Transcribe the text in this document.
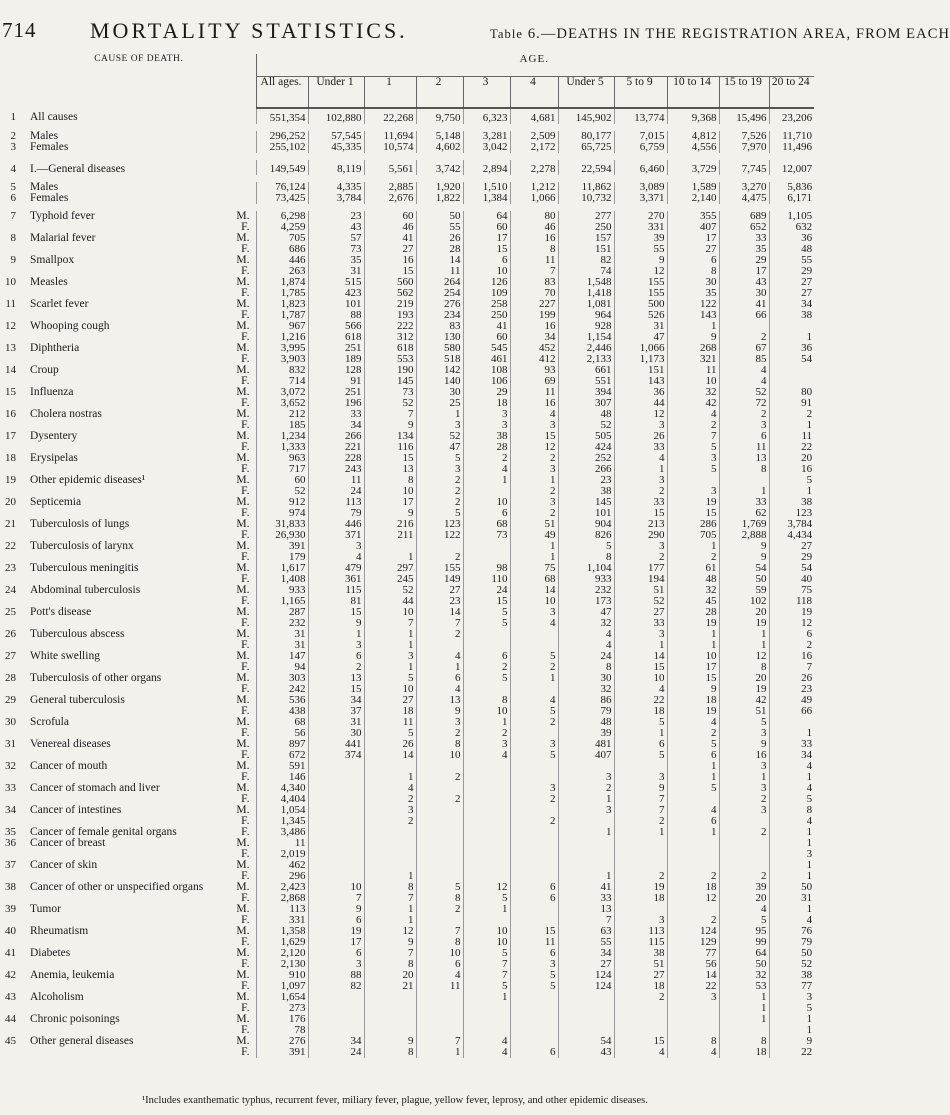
714 MORTALITY STATISTICS.	Table 6.—DEATHS IN THE REGISTRATION AREA, FROM EACH
	CAUSE OF DEATH.	AGE.										
		All ages.	Under 1	1	2	3	4	Under 5	5 to 9	10 to 14	15 to 19	20 to 24
1	All causes	551,354	102,880	22,268	9,750	6,323	4,681	145,902	13,774	9,368	15,496	23,206

2	Males	296,252	57,545	11,694	5,148	3,281	2,509	80,177	7,015	4,812	7,526	11,710
3	Females	255,102	45,335	10,574	4,602	3,042	2,172	65,725	6,759	4,556	7,970	11,496

4	I.—General diseases	149,549	8,119	5,561	3,742	2,894	2,278	22,594	6,460	3,729	7,745	12,007

5	Males	76,124	4,335	2,885	1,920	1,510	1,212	11,862	3,089	1,589	3,270	5,836
6	Females	73,425	3,784	2,676	1,822	1,384	1,066	10,732	3,371	2,140	4,475	6,171

7	Typhoid fever M.	6,298	23	60	50	64	80	277	270	355	689	1,105

	F.	4,259	43	46	55	60	46	250	331	407	652	632
8	Malarial fever M.	705	57	41	26	17	16	157	39	17	33	36

	F.	686	73	27	28	15	8	151	55	27	35	48
9	Smallpox M.	446	35	16	14	6	11	82	9	6	29	55

	F.	263	31	15	11	10	7	74	12	8	17	29
10	Measles M.	1,874	515	560	264	126	83	1,548	155	30	43	27

	F.	1,785	423	562	254	109	70	1,418	155	35	30	27
11	Scarlet fever M.	1,823	101	219	276	258	227	1,081	500	122	41	34

	F.	1,787	88	193	234	250	199	964	526	143	66	38
12	Whooping cough M.	967	566	222	83	41	16	928	31	1		

	F.	1,216	618	312	130	60	34	1,154	47	9	2	1
13	Diphtheria M.	3,995	251	618	580	545	452	2,446	1,066	268	67	36

	F.	3,903	189	553	518	461	412	2,133	1,173	321	85	54
14	Croup M.	832	128	190	142	108	93	661	151	11	4	

	F.	714	91	145	140	106	69	551	143	10	4	
15	Influenza M.	3,072	251	73	30	29	11	394	36	32	52	80

	F.	3,652	196	52	25	18	16	307	44	42	72	91
16	Cholera nostras M.	212	33	7	1	3	4	48	12	4	2	2

	F.	185	34	9	3	3	3	52	3	2	3	1
17	Dysentery M.	1,234	266	134	52	38	15	505	26	7	6	11

	F.	1,333	221	116	47	28	12	424	33	5	11	22
18	Erysipelas M.	963	228	15	5	2	2	252	4	3	13	20

	F.	717	243	13	3	4	3	266	1	5	8	16
19	Other epidemic diseases¹ M.	60	11	8	2	1	1	23	3			5

	F.	52	24	10	2		2	38	2	3	1	1
20	Septicemia M.	912	113	17	2	10	3	145	33	19	33	38

	F.	974	79	9	5	6	2	101	15	15	62	123
21	Tuberculosis of lungs M.	31,833	446	216	123	68	51	904	213	286	1,769	3,784

	F.	26,930	371	211	122	73	49	826	290	705	2,888	4,434
22	Tuberculosis of larynx M.	391	3				1	5	3	1	9	27

	F.	179	4	1	2		1	8	2	2	9	29
23	Tuberculous meningitis M.	1,617	479	297	155	98	75	1,104	177	61	54	54

	F.	1,408	361	245	149	110	68	933	194	48	50	40
24	Abdominal tuberculosis M.	933	115	52	27	24	14	232	51	32	59	75

	F.	1,165	81	44	23	15	10	173	52	45	102	118
25	Pott's disease M.	287	15	10	14	5	3	47	27	28	20	19

	F.	232	9	7	7	5	4	32	33	19	19	12
26	Tuberculous abscess M.	31	1	1	2			4	3	1	1	6

	F.	31	3	1				4	1	1	1	2
27	White swelling M.	147	6	3	4	6	5	24	14	10	12	16

	F.	94	2	1	1	2	2	8	15	17	8	7
28	Tuberculosis of other organs M.	303	13	5	6	5	1	30	10	15	20	26

	F.	242	15	10	4			32	4	9	19	23
29	General tuberculosis M.	536	34	27	13	8	4	86	22	18	42	49

	F.	438	37	18	9	10	5	79	18	19	51	66
30	Scrofula M.	68	31	11	3	1	2	48	5	4	5	

	F.	56	30	5	2	2		39	1	2	3	1
31	Venereal diseases M.	897	441	26	8	3	3	481	6	5	9	33

	F.	672	374	14	10	4	5	407	5	6	16	34
32	Cancer of mouth M.	591								1	3	4

	F.	146		1	2			3	3	1	1	1
33	Cancer of stomach and liver M.	4,340		4			3	2	9	5	3	4

	F.	4,404		2	2		2	1	7		2	5
34	Cancer of intestines M.	1,054		3				3	7	4	3	8

	F.	1,345		2			2		2	6		4
35	Cancer of female genital organs F.	3,486						1	1	1	2	1
36	Cancer of breast M.	11										1

	F.	2,019										3
37	Cancer of skin M.	462										1

	F.	296		1				1	2	2	2	1
38	Cancer of other or unspecified organs M.	2,423	10	8	5	12	6	41	19	18	39	50

	F.	2,868	7	7	8	5	6	33	18	12	20	31
39	Tumor M.	113	9	1	2	1		13			4	1

	F.	331	6	1				7	3	2	5	4
40	Rheumatism M.	1,358	19	12	7	10	15	63	113	124	95	76

	F.	1,629	17	9	8	10	11	55	115	129	99	79
41	Diabetes M.	2,120	6	7	10	5	6	34	38	77	64	50

	F.	2,130	3	8	6	7	3	27	51	56	50	52
42	Anemia, leukemia M.	910	88	20	4	7	5	124	27	14	32	38

	F.	1,097	82	21	11	5	5	124	18	22	53	77
43	Alcoholism M.	1,654				1			2	3	1	3

	F.	273									1	5
44	Chronic poisonings M.	176									1	1

	F.	78										1
45	Other general diseases M.	276	34	9	7	4		54	15	8	8	9

	F.	391	24	8	1	4	6	43	4	4	18	22
¹Includes exanthematic typhus, recurrent fever, miliary fever, plague, yellow fever, leprosy, and other epidemic diseases.
